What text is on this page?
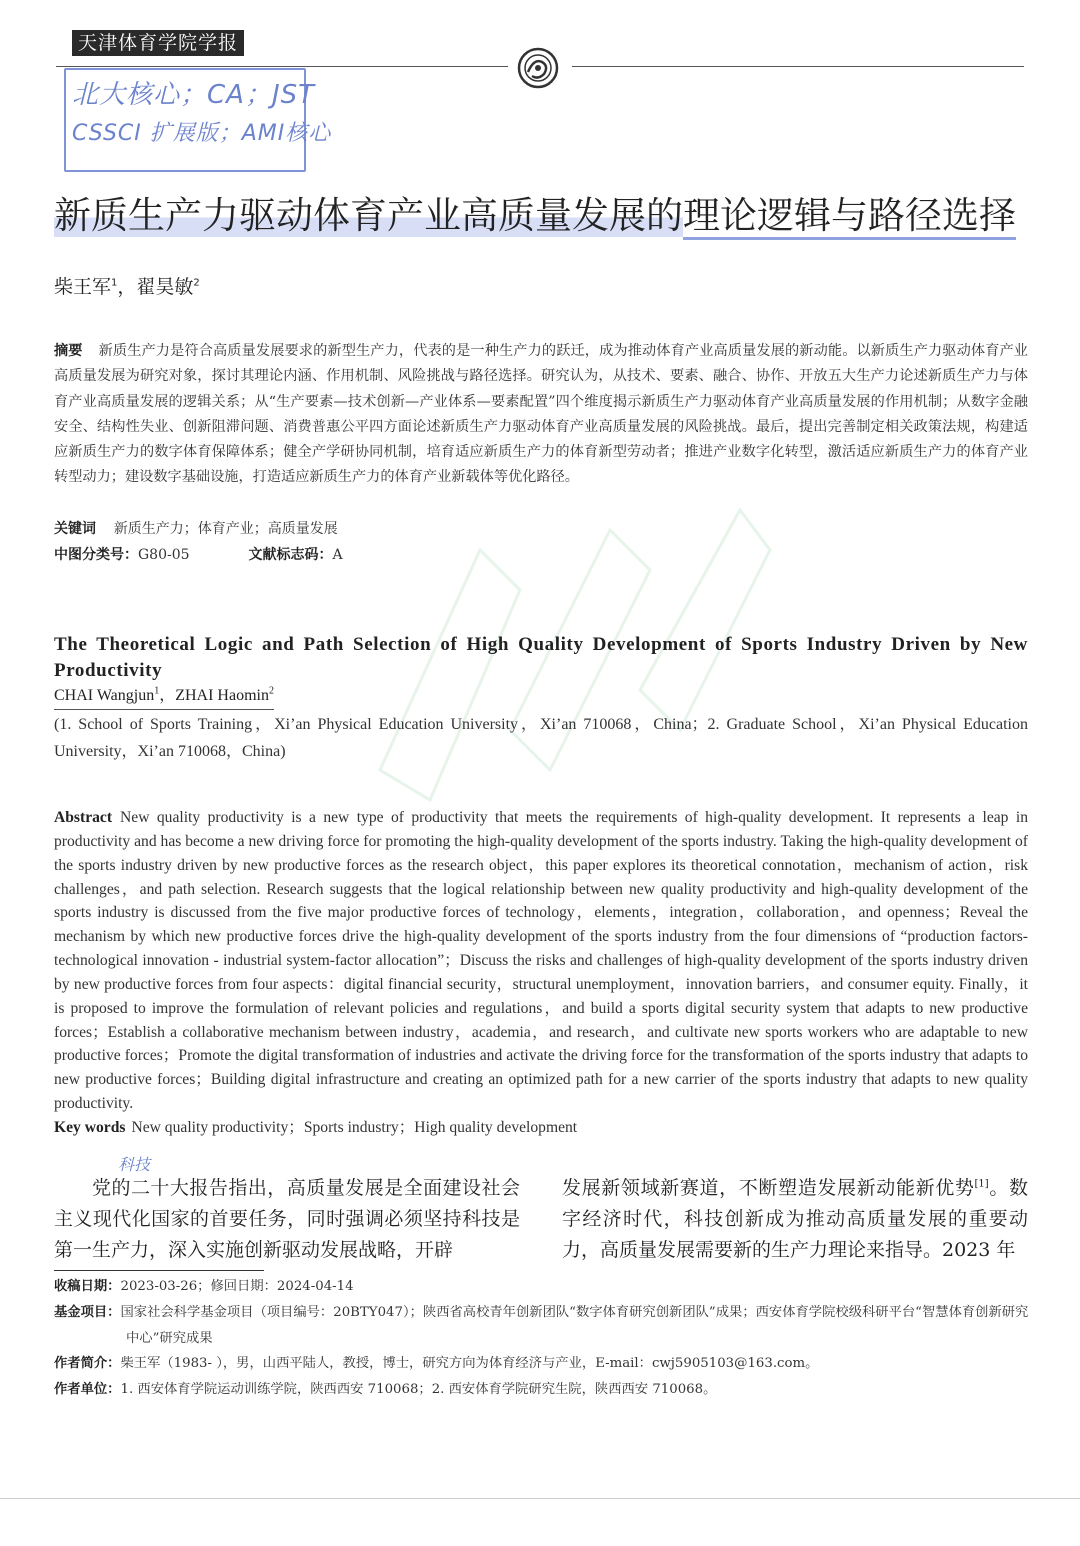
天津体育学院学报
北大核心；CA；JST
CSSCI 扩展版；AMI核心
新质生产力驱动体育产业高质量发展的理论逻辑与路径选择
柴王军$^1$，翟昊敏$^2$
摘要 新质生产力是符合高质量发展要求的新型生产力，代表的是一种生产力的跃迁，成为推动体育产业高质量发展的新动能。以新质生产力驱动体育产业高质量发展为研究对象，探讨其理论内涵、作用机制、风险挑战与路径选择。研究认为，从技术、要素、融合、协作、开放五大生产力论述新质生产力与体育产业高质量发展的逻辑关系；从“生产要素—技术创新—产业体系—要素配置”四个维度揭示新质生产力驱动体育产业高质量发展的作用机制；从数字金融安全、结构性失业、创新阻滞问题、消费普惠公平四方面论述新质生产力驱动体育产业高质量发展的风险挑战。最后，提出完善制定相关政策法规，构建适应新质生产力的数字体育保障体系；健全产学研协同机制，培育适应新质生产力的体育新型劳动者；推进产业数字化转型，激活适应新质生产力的体育产业转型动力；建设数字基础设施，打造适应新质生产力的体育产业新载体等优化路径。
关键词 新质生产力；体育产业；高质量发展
中图分类号：G80-05	文献标志码：A
The Theoretical Logic and Path Selection of High Quality Development of Sports Industry Driven by New Productivity
CHAI Wangjun$^1$，ZHAI Haomin$^2$
(1. School of Sports Training，Xi’an Physical Education University，Xi’an 710068，China；2. Graduate School，Xi’an Physical Education University，Xi’an 710068，China)
Abstract New quality productivity is a new type of productivity that meets the requirements of high-quality development. It represents a leap in productivity and has become a new driving force for promoting the high-quality development of the sports industry. Taking the high-quality development of the sports industry driven by new productive forces as the research object，this paper explores its theoretical connotation，mechanism of action，risk challenges，and path selection. Research suggests that the logical relationship between new quality productivity and high-quality development of the sports industry is discussed from the five major productive forces of technology，elements，integration，collaboration，and openness；Reveal the mechanism by which new productive forces drive the high-quality development of the sports industry from the four dimensions of “production factors-technological innovation - industrial system-factor allocation”；Discuss the risks and challenges of high-quality development of the sports industry driven by new productive forces from four aspects：digital financial security，structural unemployment，innovation barriers，and consumer equity. Finally，it is proposed to improve the formulation of relevant policies and regulations，and build a sports digital security system that adapts to new productive forces；Establish a collaborative mechanism between industry，academia，and research，and cultivate new sports workers who are adaptable to new productive forces；Promote the digital transformation of industries and activate the driving force for the transformation of the sports industry that adapts to new productive forces；Building digital infrastructure and creating an optimized path for a new carrier of the sports industry that adapts to new quality productivity.
Key words New quality productivity；Sports industry；High quality development
科技
党的二十大报告指出，高质量发展是全面建设社会主义现代化国家的首要任务，同时强调必须坚持科技是第一生产力，深入实施创新驱动发展战略，开辟
发展新领域新赛道，不断塑造发展新动能新优势[1]。数字经济时代，科技创新成为推动高质量发展的重要动力，高质量发展需要新的生产力理论来指导。2023 年
收稿日期：2023-03-26；修回日期：2024-04-14
基金项目：国家社会科学基金项目（项目编号：20BTY047）；陕西省高校青年创新团队“数字体育研究创新团队”成果；西安体育学院校级科研平台“智慧体育创新研究中心”研究成果
作者简介：柴王军（1983- ），男，山西平陆人，教授，博士，研究方向为体育经济与产业，E-mail：cwj5905103@163.com。
作者单位：1. 西安体育学院运动训练学院，陕西西安 710068；2. 西安体育学院研究生院，陕西西安 710068。
